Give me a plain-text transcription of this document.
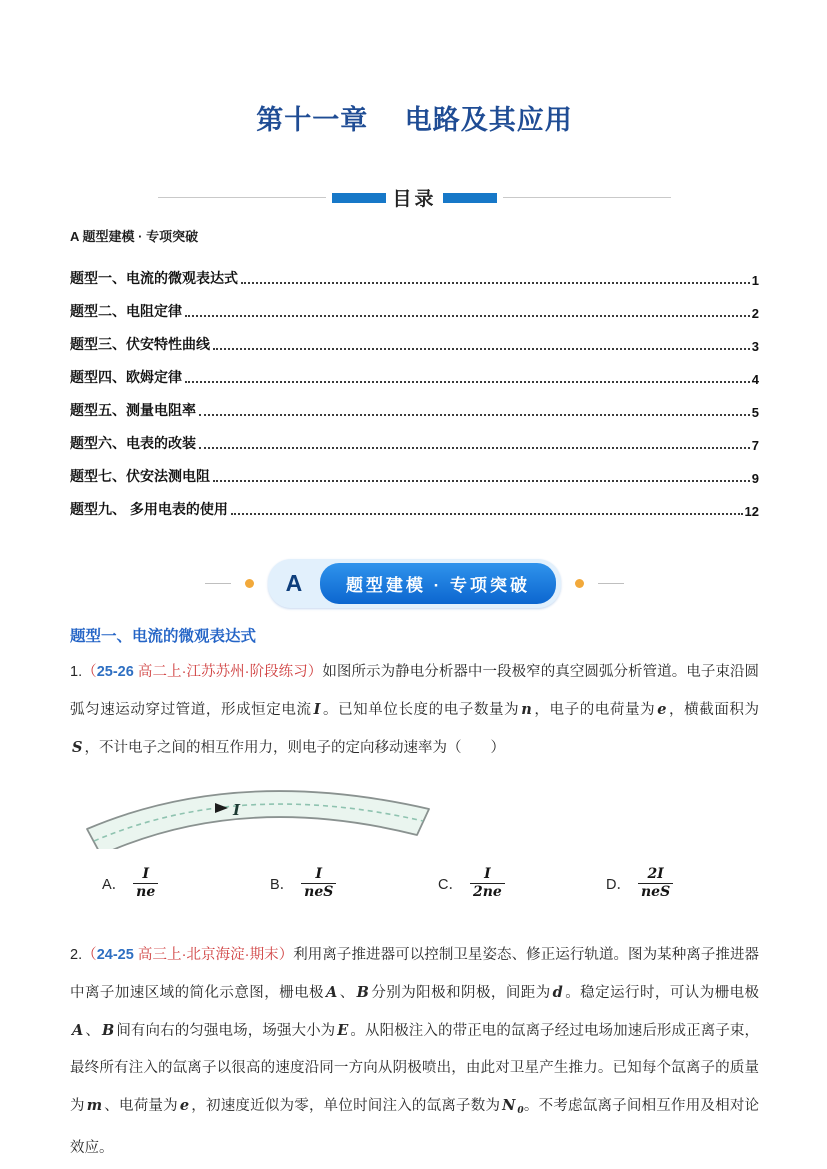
第十一章　 电路及其应用
目录
A 题型建模 · 专项突破
题型一、电流的微观表达式	1
题型二、电阻定律	2
题型三、伏安特性曲线	3
题型四、欧姆定律	4
题型五、测量电阻率	5
题型六、电表的改装	7
题型七、伏安法测电阻	9
题型九、 多用电表的使用	12
A	题型建模 · 专项突破
题型一、电流的微观表达式
1.（25-26 高二上·江苏苏州·阶段练习）如图所示为静电分析器中一段极窄的真空圆弧分析管道。电子束沿圆弧匀速运动穿过管道，形成恒定电流 I 。已知单位长度的电子数量为 n ，电子的电荷量为 e ，横截面积为S ，不计电子之间的相互作用力，则电子的定向移动速率为（　　）
I
A． $\frac{I}{ne}$	B． $\frac{I}{\text{neS}}$	C． $\frac{I}{2ne}$	D． $\frac{2I}{\text{neS}}$
2.（24-25 高三上·北京海淀·期末）利用离子推进器可以控制卫星姿态、修正运行轨道。图为某种离子推进器中离子加速区域的简化示意图，栅电极 A 、 B 分别为阳极和阴极，间距为 d 。稳定运行时，可认为栅电极A 、 B 间有向右的匀强电场，场强大小为 E 。从阳极注入的带正电的氙离子经过电场加速后形成正离子束，最终所有注入的氙离子以很高的速度沿同一方向从阴极喷出，由此对卫星产生推力。已知每个氙离子的质量为 m 、电荷量为 e ，初速度近似为零，单位时间注入的氙离子数为 N $_0$。不考虑氙离子间相互作用及相对论效应。
